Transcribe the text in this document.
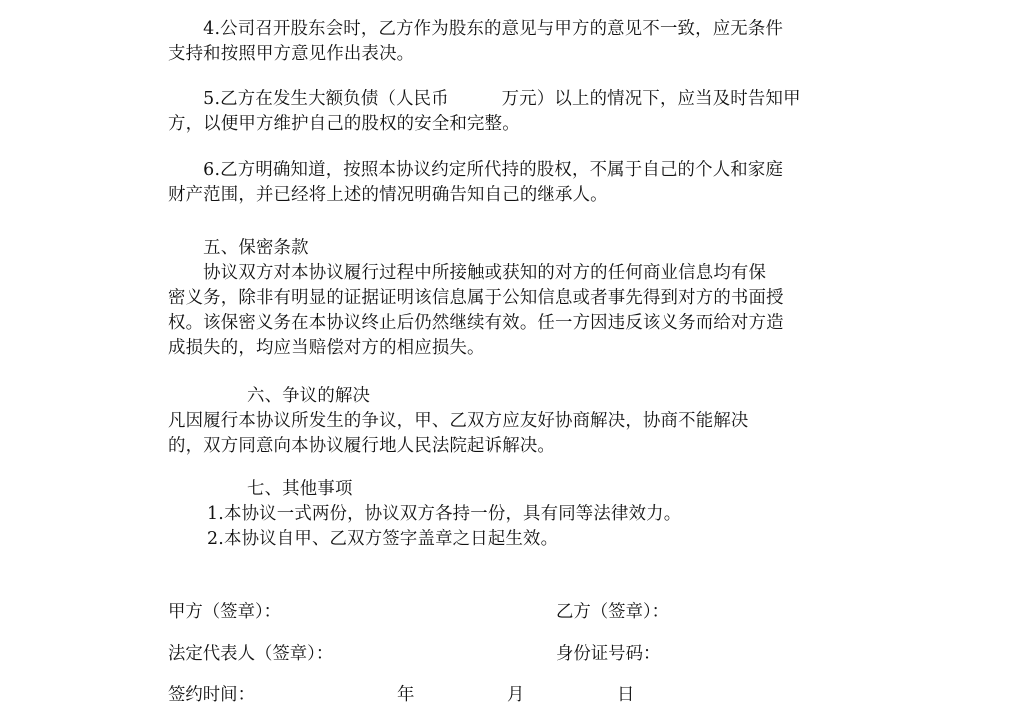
　　4.公司召开股东会时，乙方作为股东的意见与甲方的意见不一致，应无条件
支持和按照甲方意见作出表决。
　　5.乙方在发生大额负债（人民币　　　万元）以上的情况下，应当及时告知甲
方，以便甲方维护自己的股权的安全和完整。
　　6.乙方明确知道，按照本协议约定所代持的股权，不属于自己的个人和家庭
财产范围，并已经将上述的情况明确告知自己的继承人。
　　五、保密条款
　　协议双方对本协议履行过程中所接触或获知的对方的任何商业信息均有保
密义务，除非有明显的证据证明该信息属于公知信息或者事先得到对方的书面授
权。该保密义务在本协议终止后仍然继续有效。任一方因违反该义务而给对方造
成损失的，均应当赔偿对方的相应损失。
六、争议的解决
凡因履行本协议所发生的争议，甲、乙双方应友好协商解决，协商不能解决
的，双方同意向本协议履行地人民法院起诉解决。
七、其他事项
1.本协议一式两份，协议双方各持一份，具有同等法律效力。
2.本协议自甲、乙双方签字盖章之日起生效。
甲方（签章）：	乙方（签章）：
法定代表人（签章）：	身份证号码：
签约时间：	年	月	日
